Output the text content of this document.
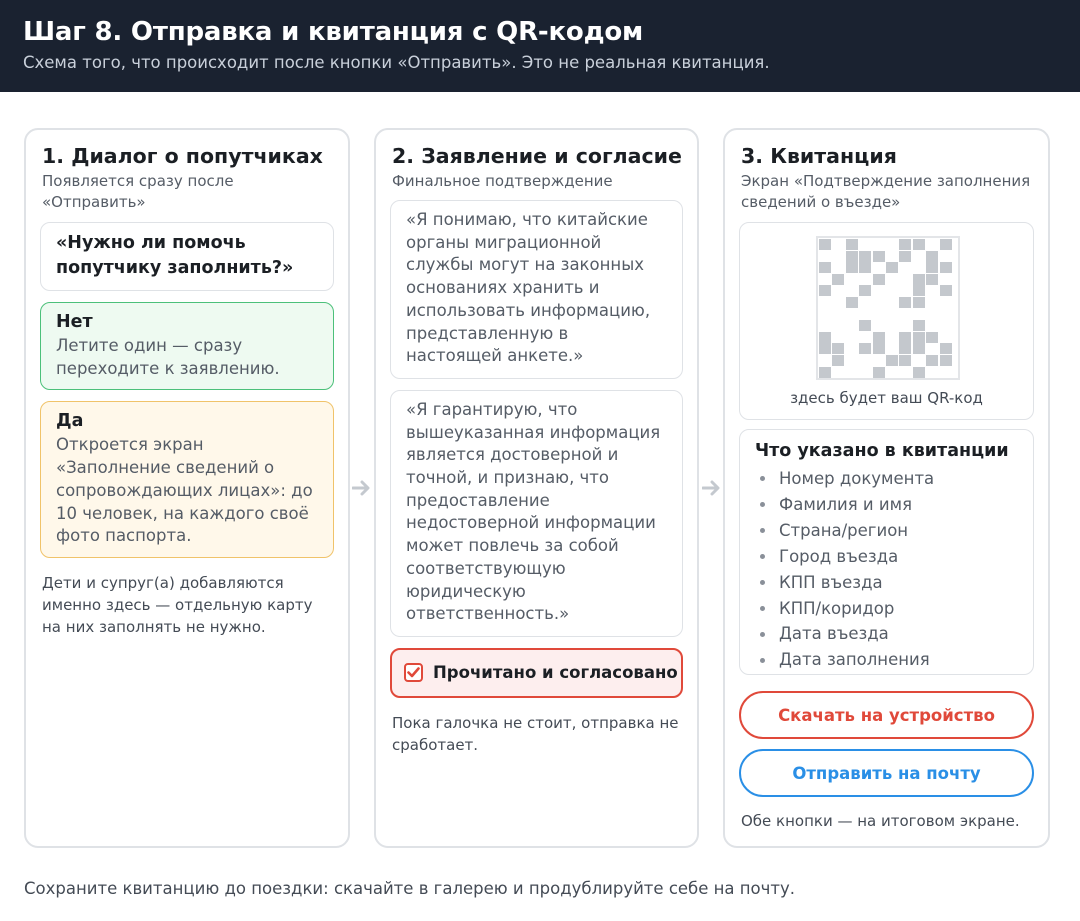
Шаг 8. Отправка и квитанция с QR-кодом
Схема того, что происходит после кнопки «Отправить». Это не реальная квитанция.
1. Диалог о попутчиках
Появляется сразу после «Отправить»
«Нужно ли помочь попутчику заполнить?»
Нет
Летите один — сразу переходите к заявлению.
Да
Откроется экран «Заполнение сведений о сопровождающих лицах»: до 10 человек, на каждого своё фото паспорта.
Дети и супруг(а) добавляются именно здесь — отдельную карту на них заполнять не нужно.
2. Заявление и согласие
Финальное подтверждение
«Я понимаю, что китайские органы миграционной службы могут на законных основаниях хранить и использовать информацию, представленную в настоящей анкете.»
«Я гарантирую, что вышеуказанная информация является достоверной и точной, и признаю, что предоставление недостоверной информации может повлечь за собой соответствующую юридическую ответственность.»
Прочитано и согласовано
Пока галочка не стоит, отправка не сработает.
3. Квитанция
Экран «Подтверждение заполнения сведений о въезде»
здесь будет ваш QR-код
Что указано в квитанции
Номер документа
Фамилия и имя
Страна/регион
Город въезда
КПП въезда
КПП/коридор
Дата въезда
Дата заполнения
Скачать на устройство
Отправить на почту
Обе кнопки — на итоговом экране.
Сохраните квитанцию до поездки: скачайте в галерею и продублируйте себе на почту.
